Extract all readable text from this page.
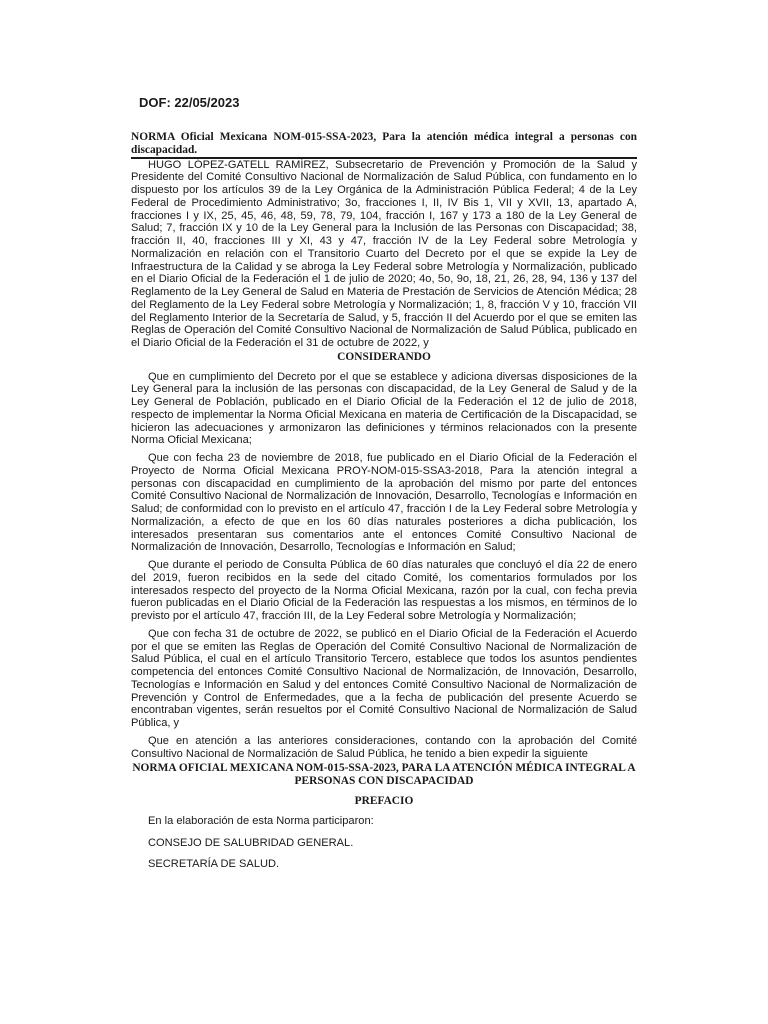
DOF: 22/05/2023
NORMA Oficial Mexicana NOM-015-SSA-2023, Para la atención médica integral a personas con discapacidad.

HUGO LÓPEZ-GATELL RAMÍREZ, Subsecretario de Prevención y Promoción de la Salud y Presidente del Comité Consultivo Nacional de Normalización de Salud Pública, con fundamento en lo dispuesto por los artículos 39 de la Ley Orgánica de la Administración Pública Federal; 4 de la Ley Federal de Procedimiento Administrativo; 3o, fracciones I, II, IV Bis 1, VII y XVII, 13, apartado A, fracciones I y IX, 25, 45, 46, 48, 59, 78, 79, 104, fracción I, 167 y 173 a 180 de la Ley General de Salud; 7, fracción IX y 10 de la Ley General para la Inclusión de las Personas con Discapacidad; 38, fracción II, 40, fracciones III y XI, 43 y 47, fracción IV de la Ley Federal sobre Metrología y Normalización en relación con el Transitorio Cuarto del Decreto por el que se expide la Ley de Infraestructura de la Calidad y se abroga la Ley Federal sobre Metrología y Normalización, publicado en el Diario Oficial de la Federación el 1 de julio de 2020; 4o, 5o, 9o, 18, 21, 26, 28, 94, 136 y 137 del Reglamento de la Ley General de Salud en Materia de Prestación de Servicios de Atención Médica; 28 del Reglamento de la Ley Federal sobre Metrología y Normalización; 1, 8, fracción V y 10, fracción VII del Reglamento Interior de la Secretaría de Salud, y 5, fracción II del Acuerdo por el que se emiten las Reglas de Operación del Comité Consultivo Nacional de Normalización de Salud Pública, publicado en el Diario Oficial de la Federación el 31 de octubre de 2022, y

CONSIDERANDO

Que en cumplimiento del Decreto por el que se establece y adiciona diversas disposiciones de la Ley General para la inclusión de las personas con discapacidad, de la Ley General de Salud y de la Ley General de Población, publicado en el Diario Oficial de la Federación el 12 de julio de 2018, respecto de implementar la Norma Oficial Mexicana en materia de Certificación de la Discapacidad, se hicieron las adecuaciones y armonizaron las definiciones y términos relacionados con la presente Norma Oficial Mexicana;

Que con fecha 23 de noviembre de 2018, fue publicado en el Diario Oficial de la Federación el Proyecto de Norma Oficial Mexicana PROY-NOM-015-SSA3-2018, Para la atención integral a personas con discapacidad en cumplimiento de la aprobación del mismo por parte del entonces Comité Consultivo Nacional de Normalización de Innovación, Desarrollo, Tecnologías e Información en Salud; de conformidad con lo previsto en el artículo 47, fracción I de la Ley Federal sobre Metrología y Normalización, a efecto de que en los 60 días naturales posteriores a dicha publicación, los interesados presentaran sus comentarios ante el entonces Comité Consultivo Nacional de Normalización de Innovación, Desarrollo, Tecnologías e Información en Salud;

Que durante el periodo de Consulta Pública de 60 días naturales que concluyó el día 22 de enero del 2019, fueron recibidos en la sede del citado Comité, los comentarios formulados por los interesados respecto del proyecto de la Norma Oficial Mexicana, razón por la cual, con fecha previa fueron publicadas en el Diario Oficial de la Federación las respuestas a los mismos, en términos de lo previsto por el artículo 47, fracción III, de la Ley Federal sobre Metrología y Normalización;

Que con fecha 31 de octubre de 2022, se publicó en el Diario Oficial de la Federación el Acuerdo por el que se emiten las Reglas de Operación del Comité Consultivo Nacional de Normalización de Salud Pública, el cual en el artículo Transitorio Tercero, establece que todos los asuntos pendientes competencia del entonces Comité Consultivo Nacional de Normalización, de Innovación, Desarrollo, Tecnologías e Información en Salud y del entonces Comité Consultivo Nacional de Normalización de Prevención y Control de Enfermedades, que a la fecha de publicación del presente Acuerdo se encontraban vigentes, serán resueltos por el Comité Consultivo Nacional de Normalización de Salud Pública, y

Que en atención a las anteriores consideraciones, contando con la aprobación del Comité Consultivo Nacional de Normalización de Salud Pública, he tenido a bien expedir la siguiente

NORMA OFICIAL MEXICANA NOM-015-SSA-2023, PARA LA ATENCIÓN MÉDICA INTEGRAL A PERSONAS CON DISCAPACIDAD
PREFACIO
En la elaboración de esta Norma participaron:
CONSEJO DE SALUBRIDAD GENERAL.
SECRETARÍA DE SALUD.
